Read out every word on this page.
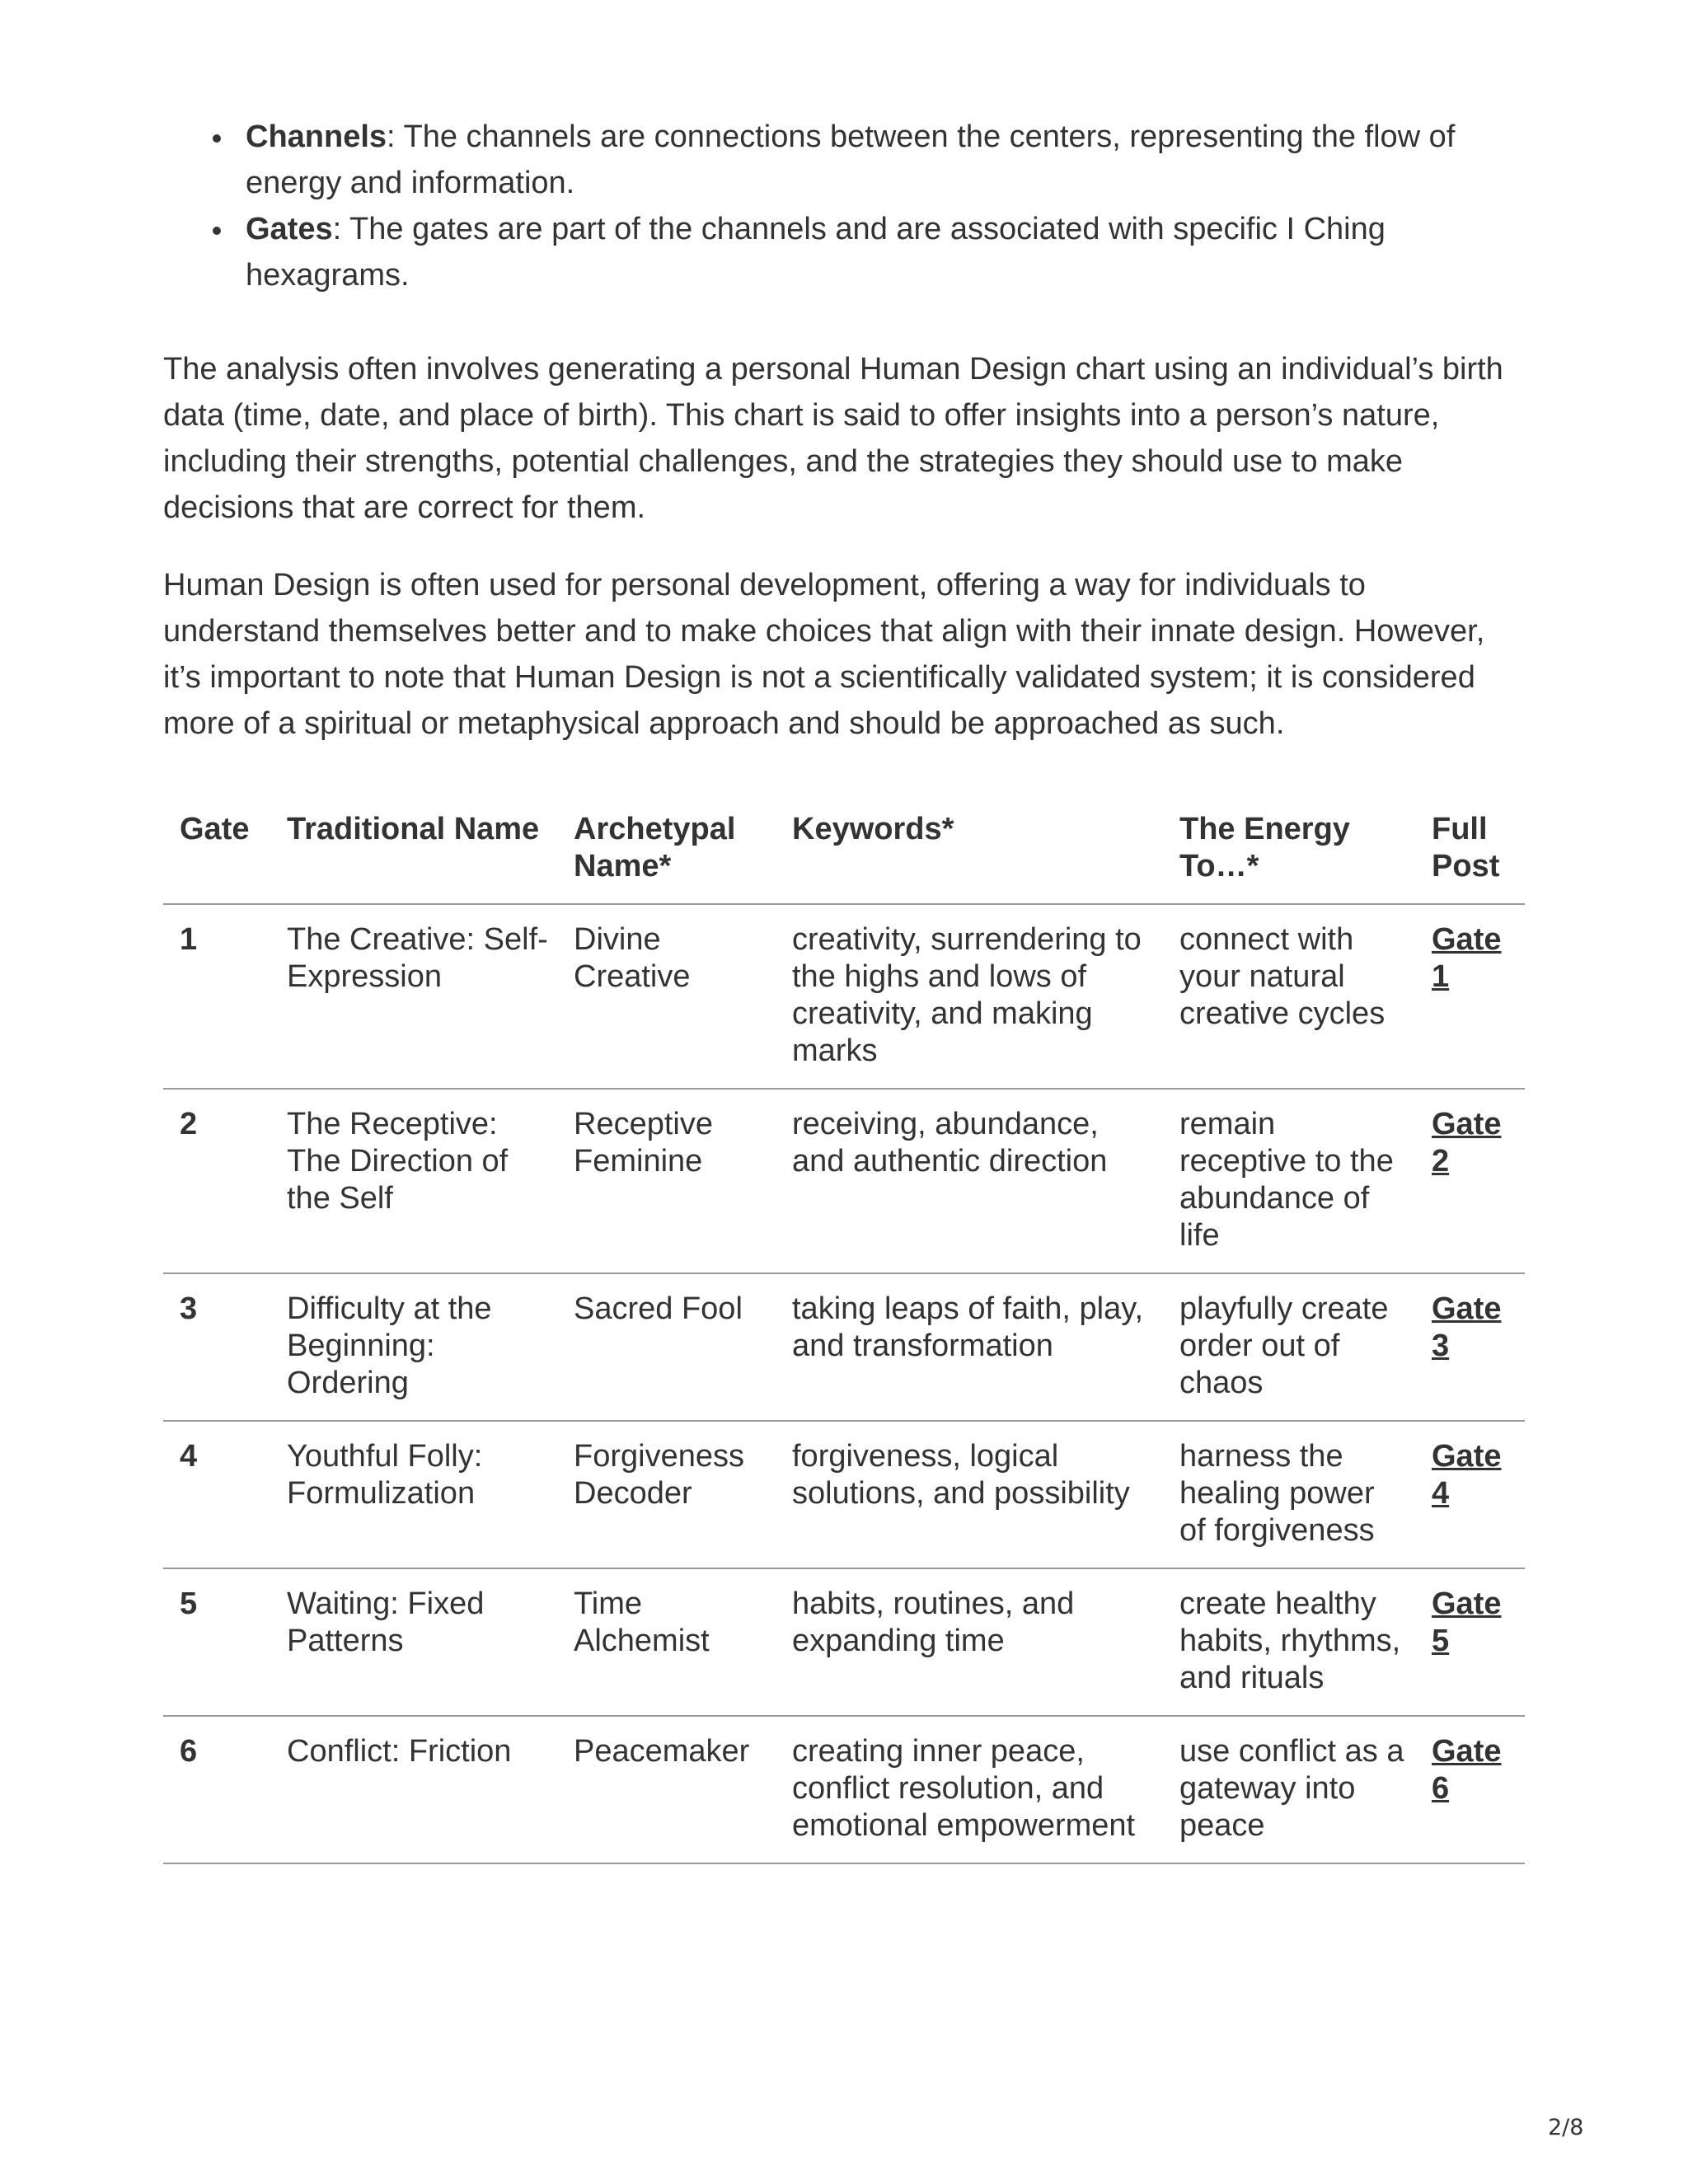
Channels: The channels are connections between the centers, representing the flow of energy and information.
Gates: The gates are part of the channels and are associated with specific I Ching hexagrams.

The analysis often involves generating a personal Human Design chart using an individual’s birth data (time, date, and place of birth). This chart is said to offer insights into a person’s nature, including their strengths, potential challenges, and the strategies they should use to make decisions that are correct for them.

Human Design is often used for personal development, offering a way for individuals to understand themselves better and to make choices that align with their innate design. However, it’s important to note that Human Design is not a scientifically validated system; it is considered more of a spiritual or metaphysical approach and should be approached as such.

Gate	Traditional Name	Archetypal Name*	Keywords*	The Energy To…*	Full Post
1	The Creative: Self- Expression	Divine Creative	creativity, surrendering to the highs and lows of creativity, and making marks	connect with your natural creative cycles	Gate 1
2	The Receptive: The Direction of the Self	Receptive Feminine	receiving, abundance, and authentic direction	remain receptive to the abundance of life	Gate 2
3	Difficulty at the Beginning: Ordering	Sacred Fool	taking leaps of faith, play, and transformation	playfully create order out of chaos	Gate 3
4	Youthful Folly: Formulization	Forgiveness Decoder	forgiveness, logical solutions, and possibility	harness the healing power of forgiveness	Gate 4
5	Waiting: Fixed Patterns	Time Alchemist	habits, routines, and expanding time	create healthy habits, rhythms, and rituals	Gate 5
6	Conflict: Friction	Peacemaker	creating inner peace, conflict resolution, and emotional empowerment	use conflict as a gateway into peace	Gate 6
2/8
